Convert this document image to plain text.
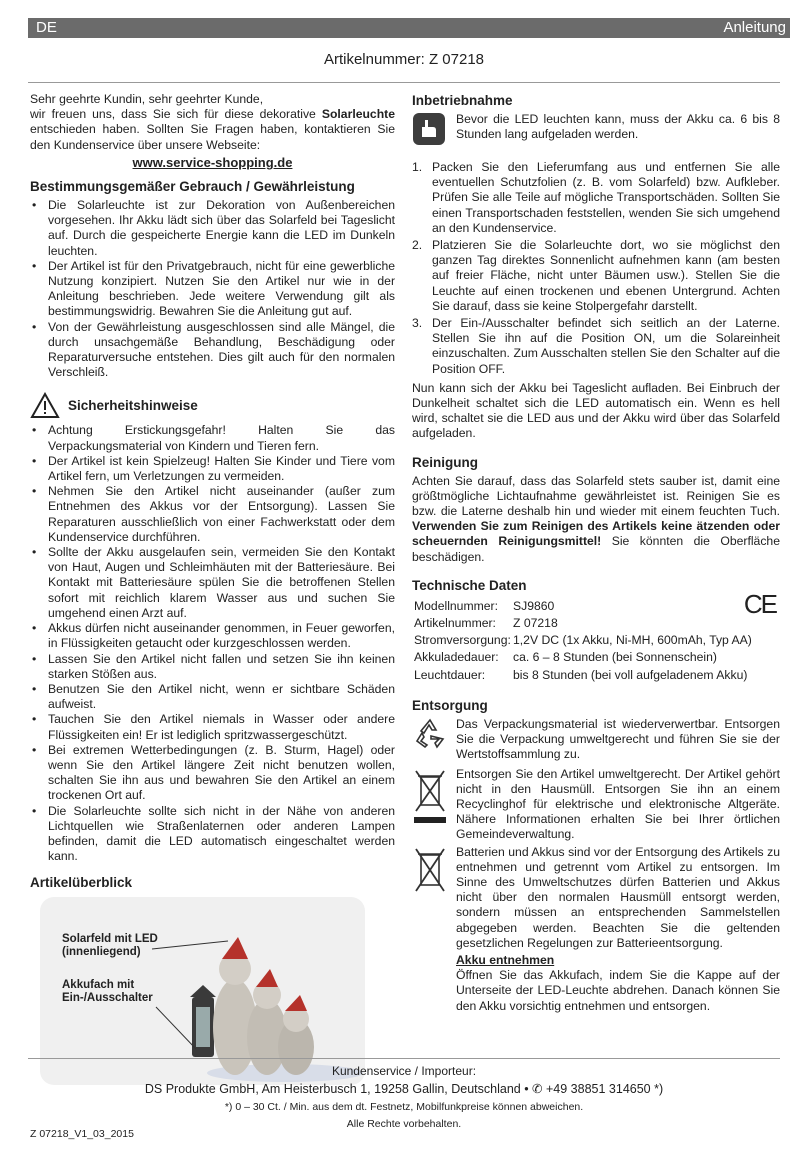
DE	Anleitung
Artikelnummer: Z 07218

Sehr geehrte Kundin, sehr geehrter Kunde,

wir freuen uns, dass Sie sich für diese dekorative Solarleuchte entschieden haben. Sollten Sie Fragen haben, kontaktieren Sie den Kundenservice über unsere Webseite:

www.service-shopping.de
Bestimmungsgemäßer Gebrauch / Gewährleistung
• Die Solarleuchte ist zur Dekoration von Außenbereichen vorgesehen. Ihr Akku lädt sich über das Solarfeld bei Tageslicht auf. Durch die gespeicherte Energie kann die LED im Dunkeln leuchten.
• Der Artikel ist für den Privatgebrauch, nicht für eine gewerbliche Nutzung konzipiert. Nutzen Sie den Artikel nur wie in der Anleitung beschrieben. Jede weitere Verwendung gilt als bestimmungswidrig. Bewahren Sie die Anleitung gut auf.
• Von der Gewährleistung ausgeschlossen sind alle Mängel, die durch unsachgemäße Behandlung, Beschädigung oder Reparaturversuche entstehen. Dies gilt auch für den normalen Verschleiß.
Sicherheitshinweise
• Achtung Erstickungsgefahr! Halten Sie das Verpackungsmaterial von Kindern und Tieren fern.
• Der Artikel ist kein Spielzeug! Halten Sie Kinder und Tiere vom Artikel fern, um Verletzungen zu vermeiden.
• Nehmen Sie den Artikel nicht auseinander (außer zum Entnehmen des Akkus vor der Entsorgung). Lassen Sie Reparaturen ausschließlich von einer Fachwerkstatt oder dem Kundenservice durchführen.
• Sollte der Akku ausgelaufen sein, vermeiden Sie den Kontakt von Haut, Augen und Schleimhäuten mit der Batteriesäure. Bei Kontakt mit Batteriesäure spülen Sie die betroffenen Stellen sofort mit reichlich klarem Wasser aus und suchen Sie umgehend einen Arzt auf.
• Akkus dürfen nicht auseinander genommen, in Feuer geworfen, in Flüssigkeiten getaucht oder kurzgeschlossen werden.
• Lassen Sie den Artikel nicht fallen und setzen Sie ihn keinen starken Stößen aus.
• Benutzen Sie den Artikel nicht, wenn er sichtbare Schäden aufweist.
• Tauchen Sie den Artikel niemals in Wasser oder andere Flüssigkeiten ein! Er ist lediglich spritzwassergeschützt.
• Bei extremen Wetterbedingungen (z. B. Sturm, Hagel) oder wenn Sie den Artikel längere Zeit nicht benutzen wollen, schalten Sie ihn aus und bewahren Sie den Artikel an einem trockenen Ort auf.
• Die Solarleuchte sollte sich nicht in der Nähe von anderen Lichtquellen wie Straßenlaternen oder anderen Lampen befinden, damit die LED automatisch eingeschaltet werden kann.
Artikelüberblick
Solarfeld mit LED (innenliegend)
Akkufach mit Ein-/Ausschalter
Inbetriebnahme
Bevor die LED leuchten kann, muss der Akku ca. 6 bis 8 Stunden lang aufgeladen werden.
1. Packen Sie den Lieferumfang aus und entfernen Sie alle eventuellen Schutzfolien (z. B. vom Solarfeld) bzw. Aufkleber. Prüfen Sie alle Teile auf mögliche Transportschäden. Sollten Sie einen Transportschaden feststellen, wenden Sie sich umgehend an den Kundenservice.
2. Platzieren Sie die Solarleuchte dort, wo sie möglichst den ganzen Tag direktes Sonnenlicht aufnehmen kann (am besten auf freier Fläche, nicht unter Bäumen usw.). Stellen Sie die Leuchte auf einen trockenen und ebenen Untergrund. Achten Sie darauf, dass sie keine Stolpergefahr darstellt.
3. Der Ein-/Ausschalter befindet sich seitlich an der Laterne. Stellen Sie ihn auf die Position ON, um die Solareinheit einzuschalten. Zum Ausschalten stellen Sie den Schalter auf die Position OFF.

Nun kann sich der Akku bei Tageslicht aufladen. Bei Einbruch der Dunkelheit schaltet sich die LED automatisch ein. Wenn es hell wird, schaltet sie die LED aus und der Akku wird über das Solarfeld aufgeladen.

Reinigung

Achten Sie darauf, dass das Solarfeld stets sauber ist, damit eine größtmögliche Lichtaufnahme gewährleistet ist. Reinigen Sie es bzw. die Laterne deshalb hin und wieder mit einem feuchten Tuch. Verwenden Sie zum Reinigen des Artikels keine ätzenden oder scheuernden Reinigungsmittel! Sie könnten die Oberfläche beschädigen.

Technische Daten
Modellnummer:	SJ9860
Artikelnummer:	Z 07218
Stromversorgung:	1,2V DC (1x Akku, Ni-MH, 600mAh, Typ AA)
Akkuladedauer:	ca. 6 – 8 Stunden (bei Sonnenschein)
Leuchtdauer:	bis 8 Stunden (bei voll aufgeladenem Akku)
CE
Entsorgung
Das Verpackungsmaterial ist wiederverwertbar. Entsorgen Sie die Verpackung umweltgerecht und führen Sie sie der Wertstoffsammlung zu.
Entsorgen Sie den Artikel umweltgerecht. Der Artikel gehört nicht in den Hausmüll. Entsorgen Sie ihn an einem Recyclinghof für elektrische und elektronische Altgeräte. Nähere Informationen erhalten Sie bei Ihrer örtlichen Gemeindeverwaltung.
Batterien und Akkus sind vor der Entsorgung des Artikels zu entnehmen und getrennt vom Artikel zu entsorgen. Im Sinne des Umweltschutzes dürfen Batterien und Akkus nicht über den normalen Hausmüll entsorgt werden, sondern müssen an entsprechenden Sammelstellen abgegeben werden. Beachten Sie die geltenden gesetzlichen Regelungen zur Batterieentsorgung.
Akku entnehmen
Öffnen Sie das Akkufach, indem Sie die Kappe auf der Unterseite der LED-Leuchte abdrehen. Danach können Sie den Akku vorsichtig entnehmen und entsorgen.
Kundenservice / Importeur:
DS Produkte GmbH, Am Heisterbusch 1, 19258 Gallin, Deutschland • ✆ +49 38851 314650 *)
*) 0 – 30 Ct. / Min. aus dem dt. Festnetz, Mobilfunkpreise können abweichen.
Z 07218_V1_03_2015
Alle Rechte vorbehalten.
